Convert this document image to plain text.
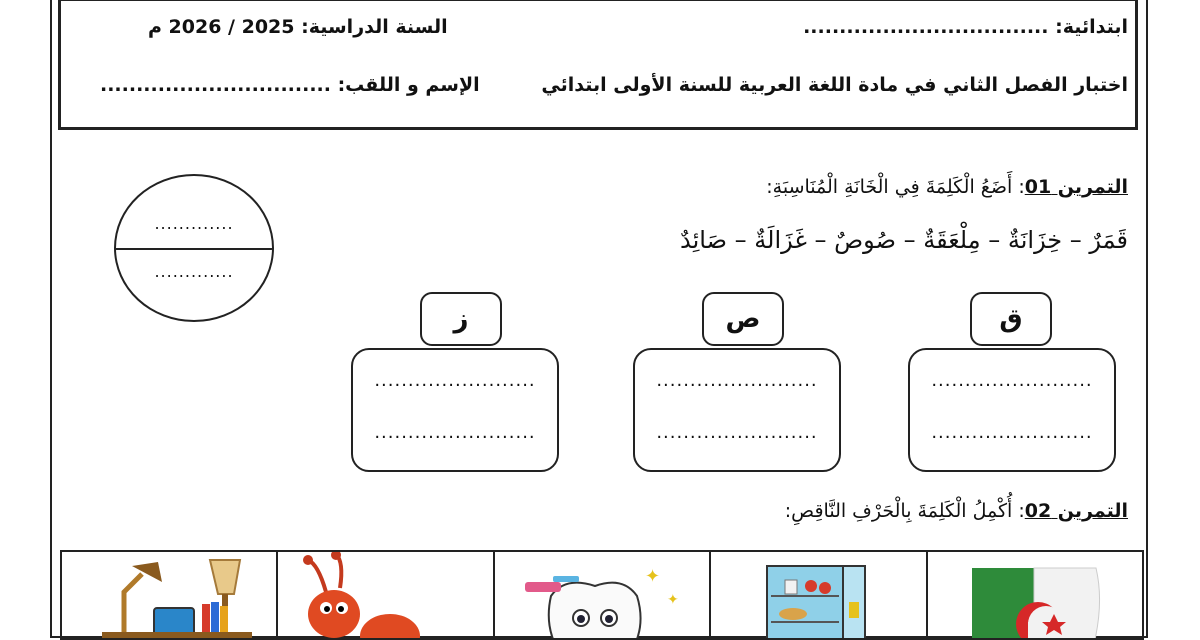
ابتدائية: ..................................
السنة الدراسية: 2025 / 2026 م
اختبار الفصل الثاني في مادة اللغة العربية للسنة الأولى ابتدائي
الإسم و اللقب: ................................
.............
.............
التمرين 01: أَضَعُ الْكَلِمَةَ فِي الْخَانَةِ الْمُنَاسِبَةِ:
قَمَرٌ – خِزَانَةٌ – مِلْعَقَةٌ – صُوصٌ – غَزَالَةٌ – صَائِدٌ
ق
ص
ز
........................
........................
........................
........................
........................
........................
التمرين 02: أُكْمِلُ الْكَلِمَةَ بِالْحَرْفِ النَّاقِصِ:
✦
✦
